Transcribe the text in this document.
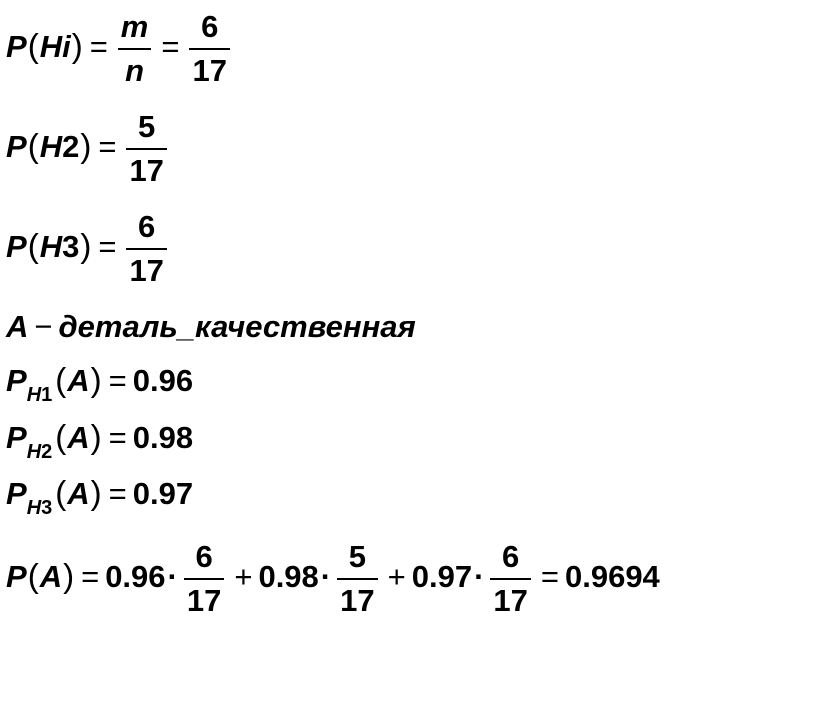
$P(Hi) = \frac{m}{n} = \frac{6}{17}$
$P(H2) = \frac{5}{17}$
$P(H3) = \frac{6}{17}$
A − деталь_качественная
$P_{H1}(A) = 0.96$
$P_{H2}(A) = 0.98$
$P_{H3}(A) = 0.97$
$P(A) = 0.96\cdot \frac{6}{17} + 0.98\cdot \frac{5}{17} + 0.97\cdot \frac{6}{17} = 0.9694$
